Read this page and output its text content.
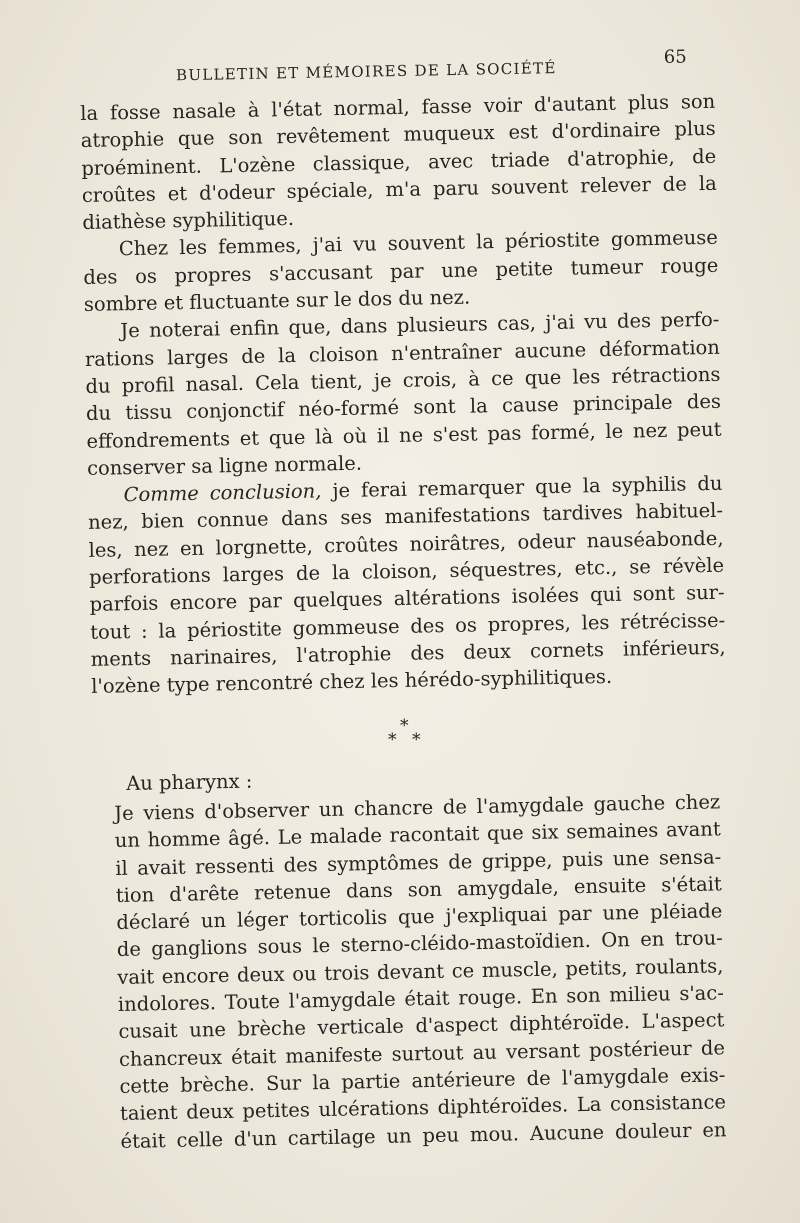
BULLETIN ET MÉMOIRES DE LA SOCIÉTÉ
65
la fosse nasale à l'état normal, fasse voir d'autant plus son
atrophie que son revêtement muqueux est d'ordinaire plus
proéminent. L'ozène classique, avec triade d'atrophie, de
croûtes et d'odeur spéciale, m'a paru souvent relever de la
diathèse syphilitique.
Chez les femmes, j'ai vu souvent la périostite gommeuse
des os propres s'accusant par une petite tumeur rouge
sombre et fluctuante sur le dos du nez.
Je noterai enfin que, dans plusieurs cas, j'ai vu des perfo-
rations larges de la cloison n'entraîner aucune déformation
du profil nasal. Cela tient, je crois, à ce que les rétractions
du tissu conjonctif néo-formé sont la cause principale des
effondrements et que là où il ne s'est pas formé, le nez peut
conserver sa ligne normale.
Comme conclusion, je ferai remarquer que la syphilis du
nez, bien connue dans ses manifestations tardives habituel-
les, nez en lorgnette, croûtes noirâtres, odeur nauséabonde,
perforations larges de la cloison, séquestres, etc., se révèle
parfois encore par quelques altérations isolées qui sont sur-
tout : la périostite gommeuse des os propres, les rétrécisse-
ments narinaires, l'atrophie des deux cornets inférieurs,
l'ozène type rencontré chez les hérédo-syphilitiques.
*
* *
Au pharynx :
Je viens d'observer un chancre de l'amygdale gauche chez
un homme âgé. Le malade racontait que six semaines avant
il avait ressenti des symptômes de grippe, puis une sensa-
tion d'arête retenue dans son amygdale, ensuite s'était
déclaré un léger torticolis que j'expliquai par une pléiade
de ganglions sous le sterno-cléido-mastoïdien. On en trou-
vait encore deux ou trois devant ce muscle, petits, roulants,
indolores. Toute l'amygdale était rouge. En son milieu s'ac-
cusait une brèche verticale d'aspect diphtéroïde. L'aspect
chancreux était manifeste surtout au versant postérieur de
cette brèche. Sur la partie antérieure de l'amygdale exis-
taient deux petites ulcérations diphtéroïdes. La consistance
était celle d'un cartilage un peu mou. Aucune douleur en
